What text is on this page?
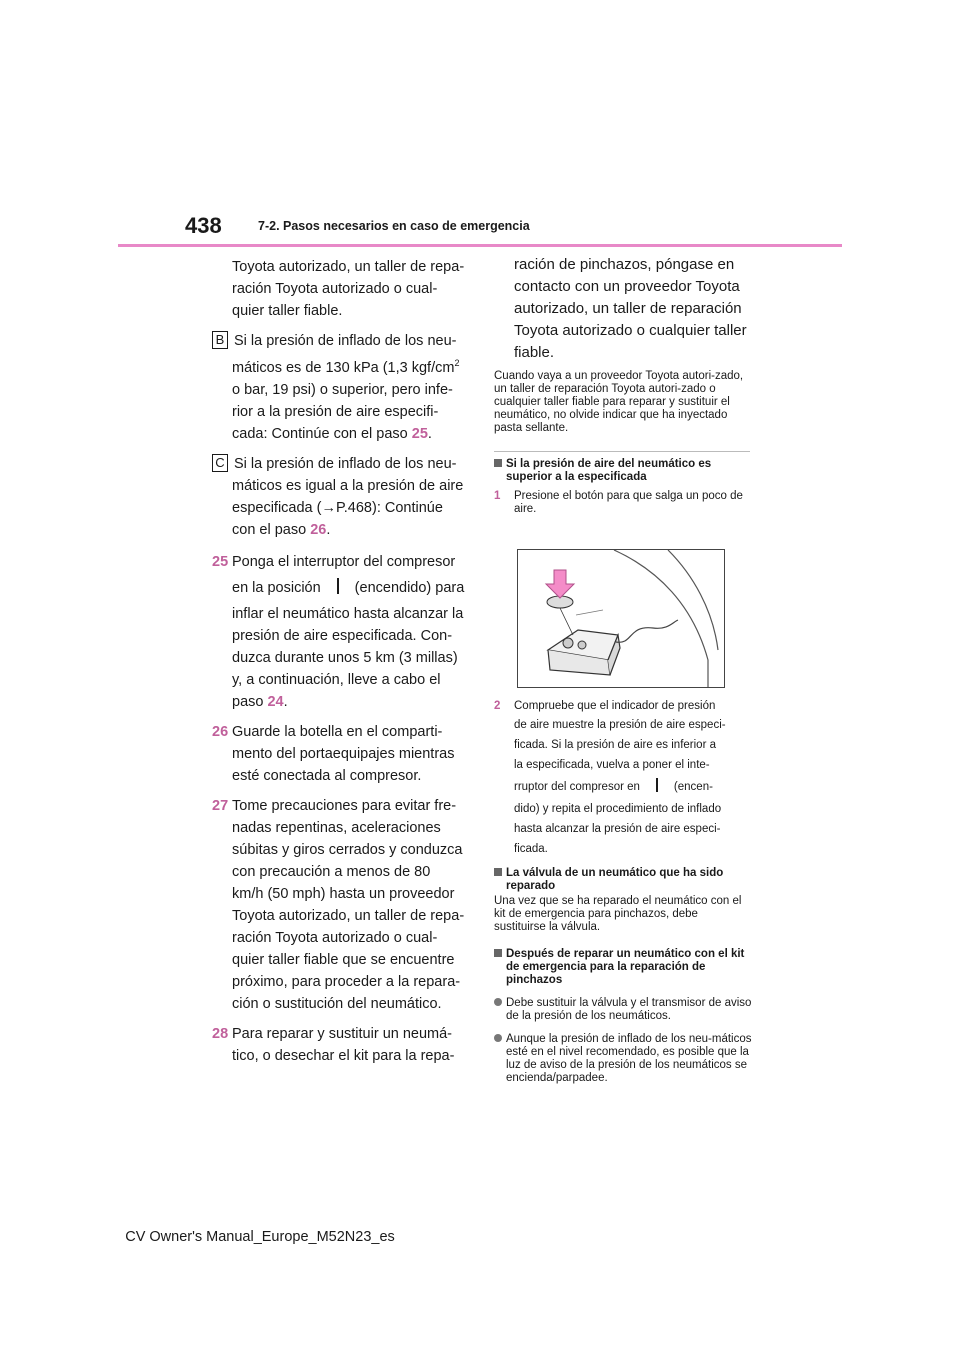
438	7-2. Pasos necesarios en caso de emergencia

Toyota autorizado, un taller de repa-

ración Toyota autorizado o cual-

quier taller fiable.

B Si la presión de inflado de los neu-

máticos es de 130 kPa (1,3 kgf/$cm^2$

o bar, 19 psi) o superior, pero infe-

rior a la presión de aire especifi-

cada: Continúe con el paso 25.

C Si la presión de inflado de los neu-

máticos es igual a la presión de aire

especificada (→P.468): Continúe

con el paso 26.

25 Ponga el interruptor del compresor

en la posición (encendido) para

inflar el neumático hasta alcanzar la

presión de aire especificada. Con-

duzca durante unos 5 km (3 millas)

y, a continuación, lleve a cabo el

paso 24.

26 Guarde la botella en el comparti-

mento del portaequipajes mientras

esté conectada al compresor.

27 Tome precauciones para evitar fre-

nadas repentinas, aceleraciones

súbitas y giros cerrados y conduzca

con precaución a menos de 80

km/h (50 mph) hasta un proveedor

Toyota autorizado, un taller de repa-

ración Toyota autorizado o cual-

quier taller fiable que se encuentre

próximo, para proceder a la repara-

ción o sustitución del neumático.

28 Para reparar y sustituir un neumá-

tico, o desechar el kit para la repa-

ración de pinchazos, póngase en

contacto con un proveedor Toyota

autorizado, un taller de reparación

Toyota autorizado o cualquier taller

fiable.

Cuando vaya a un proveedor Toyota autori-zado, un taller de reparación Toyota autori-zado o cualquier taller fiable para reparar y sustituir el neumático, no olvide indicar que ha inyectado pasta sellante.

Si la presión de aire del neumático es superior a la especificada

1 Presione el botón para que salga un poco de aire.

2 Compruebe que el indicador de presión

de aire muestre la presión de aire especi-

ficada. Si la presión de aire es inferior a

la especificada, vuelva a poner el inte-

rruptor del compresor en	(encen-

dido) y repita el procedimiento de inflado

hasta alcanzar la presión de aire especi-

ficada.

La válvula de un neumático que ha sido reparado

Una vez que se ha reparado el neumático con el kit de emergencia para pinchazos, debe sustituirse la válvula.

Después de reparar un neumático con el kit de emergencia para la reparación de pinchazos

Debe sustituir la válvula y el transmisor de aviso de la presión de los neumáticos.

Aunque la presión de inflado de los neu-máticos esté en el nivel recomendado, es posible que la luz de aviso de la presión de los neumáticos se encienda/parpadee.

CV Owner's Manual_Europe_M52N23_es
